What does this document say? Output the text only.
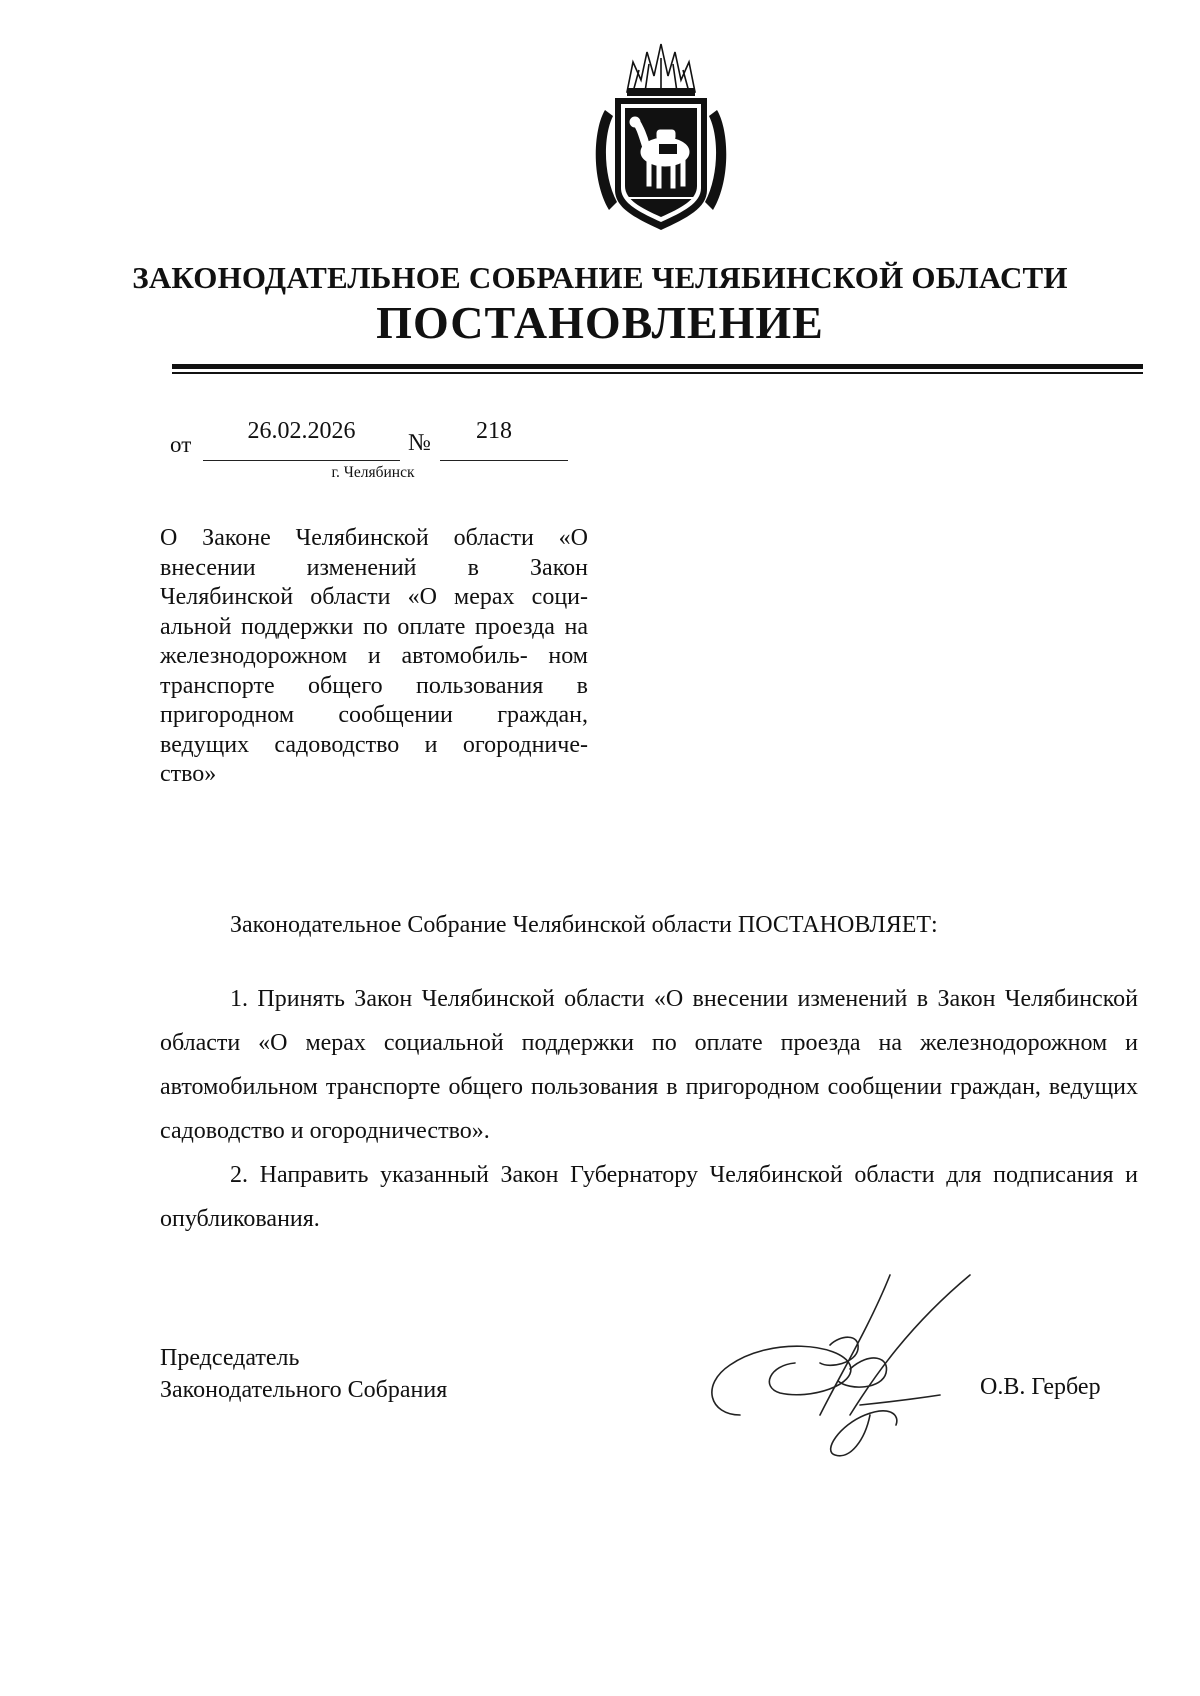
ЗАКОНОДАТЕЛЬНОЕ СОБРАНИЕ ЧЕЛЯБИНСКОЙ ОБЛАСТИ
ПОСТАНОВЛЕНИЕ
от
26.02.2026	№	218
г. Челябинск
О Законе Челябинской области «О внесении изменений в Закон Челябинской области «О мерах соци- альной поддержки по оплате проезда на железнодорожном и автомобиль- ном транспорте общего пользования в пригородном сообщении граждан, ведущих садоводство и огородниче- ство»
Законодательное Собрание Челябинской области ПОСТАНОВЛЯЕТ:

1. Принять Закон Челябинской области «О внесении изменений в Закон Челябинской области «О мерах социальной поддержки по оплате проезда на железнодорожном и автомобильном транспорте общего пользования в пригородном сообщении граждан, ведущих садоводство и огородничество».

2. Направить указанный Закон Губернатору Челябинской области для подписания и опубликования.

Председатель
Законодательного Собрания	О.В. Гербер
